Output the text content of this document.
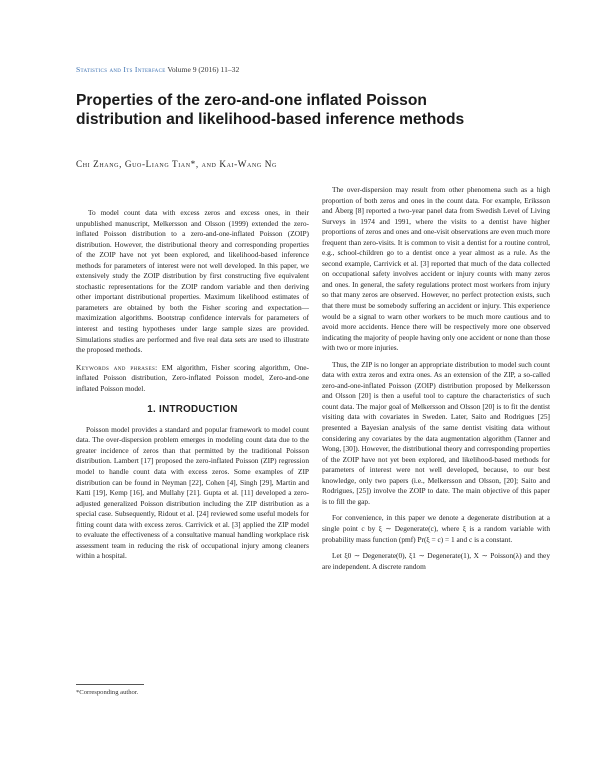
Statistics and Its Interface Volume 9 (2016) 11–32
Properties of the zero-and-one inflated Poisson distribution and likelihood-based inference methods
Chi Zhang, Guo-Liang Tian*, and Kai-Wang Ng

To model count data with excess zeros and excess ones, in their unpublished manuscript, Melkersson and Olsson (1999) extended the zero-inflated Poisson distribution to a zero-and-one-inflated Poisson (ZOIP) distribution. However, the distributional theory and corresponding properties of the ZOIP have not yet been explored, and likelihood-based inference methods for parameters of interest were not well developed. In this paper, we extensively study the ZOIP distribution by first constructing five equivalent stochastic representations for the ZOIP random variable and then deriving other important distributional properties. Maximum likelihood estimates of parameters are obtained by both the Fisher scoring and expectation—maximization algorithms. Bootstrap confidence intervals for parameters of interest and testing hypotheses under large sample sizes are provided. Simulations studies are performed and five real data sets are used to illustrate the proposed methods.

Keywords and phrases: EM algorithm, Fisher scoring algorithm, One-inflated Poisson distribution, Zero-inflated Poisson model, Zero-and-one inflated Poisson model.

1. INTRODUCTION

Poisson model provides a standard and popular framework to model count data. The over-dispersion problem emerges in modeling count data due to the greater incidence of zeros than that permitted by the traditional Poisson distribution. Lambert [17] proposed the zero-inflated Poisson (ZIP) regression model to handle count data with excess zeros. Some examples of ZIP distribution can be found in Neyman [22], Cohen [4], Singh [29], Martin and Katti [19], Kemp [16], and Mullahy [21]. Gupta et al. [11] developed a zero-adjusted generalized Poisson distribution including the ZIP distribution as a special case. Subsequently, Ridout et al. [24] reviewed some useful models for fitting count data with excess zeros. Carrivick et al. [3] applied the ZIP model to evaluate the effectiveness of a consultative manual handling workplace risk assessment team in reducing the risk of occupational injury among cleaners within a hospital.

The over-dispersion may result from other phenomena such as a high proportion of both zeros and ones in the count data. For example, Eriksson and Åberg [8] reported a two-year panel data from Swedish Level of Living Surveys in 1974 and 1991, where the visits to a dentist have higher proportions of zeros and ones and one-visit observations are even much more frequent than zero-visits. It is common to visit a dentist for a routine control, e.g., school-children go to a dentist once a year almost as a rule. As the second example, Carrivick et al. [3] reported that much of the data collected on occupational safety involves accident or injury counts with many zeros and ones. In general, the safety regulations protect most workers from injury so that many zeros are observed. However, no perfect protection exists, such that there must be somebody suffering an accident or injury. This experience would be a signal to warn other workers to be much more cautious and to avoid more accidents. Hence there will be respectively more one observed indicating the majority of people having only one accident or none than those with two or more injuries.

Thus, the ZIP is no longer an appropriate distribution to model such count data with extra zeros and extra ones. As an extension of the ZIP, a so-called zero-and-one-inflated Poisson (ZOIP) distribution proposed by Melkersson and Olsson [20] is then a useful tool to capture the characteristics of such count data. The major goal of Melkersson and Olsson [20] is to fit the dentist visiting data with covariates in Sweden. Later, Saito and Rodrigues [25] presented a Bayesian analysis of the same dentist visiting data without considering any covariates by the data augmentation algorithm (Tanner and Wong, [30]). However, the distributional theory and corresponding properties of the ZOIP have not yet been explored, and likelihood-based methods for parameters of interest were not well developed, because, to our best knowledge, only two papers (i.e., Melkersson and Olsson, [20]; Saito and Rodrigues, [25]) involve the ZOIP to date. The main objective of this paper is to fill the gap.

For convenience, in this paper we denote a degenerate distribution at a single point c by ξ ∼ Degenerate(c), where ξ is a random variable with probability mass function (pmf) Pr(ξ = c) = 1 and c is a constant.

Let ξ0 ∼ Degenerate(0), ξ1 ∼ Degenerate(1), X ∼ Poisson(λ) and they are independent. A discrete random

*Corresponding author.
